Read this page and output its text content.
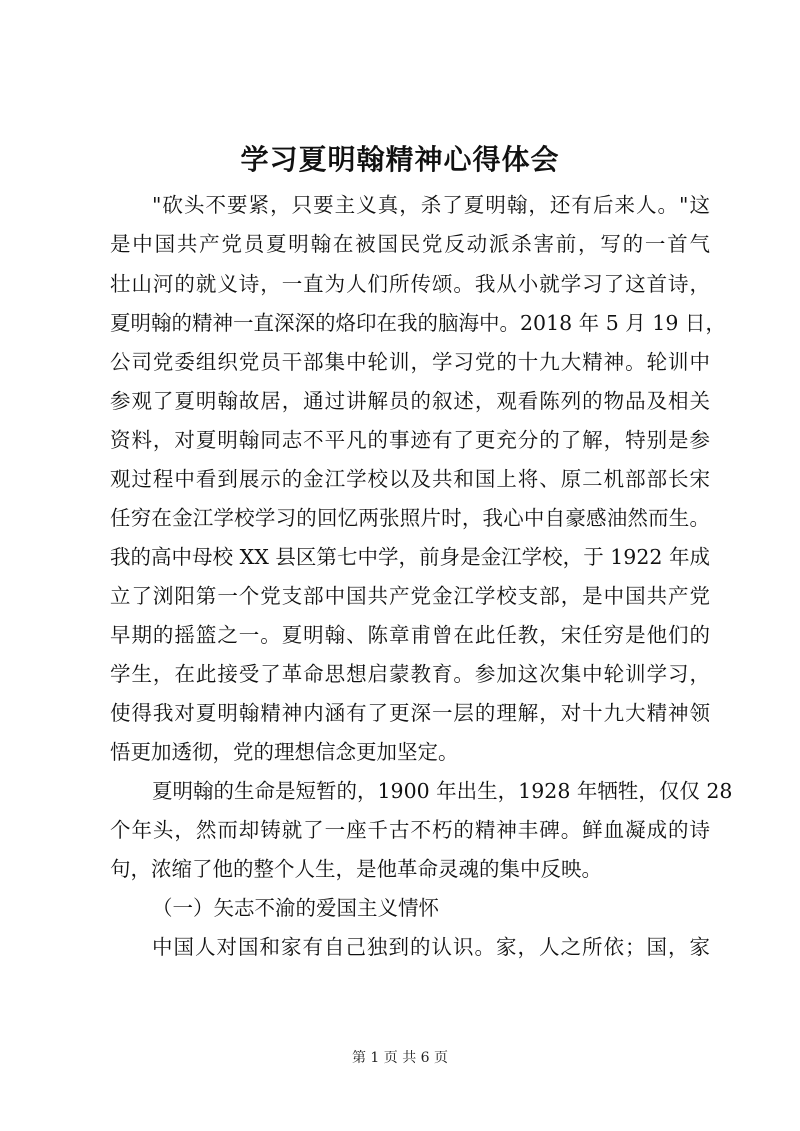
学习夏明翰精神心得体会
"砍头不要紧，只要主义真，杀了夏明翰，还有后来人。"这
是中国共产党员夏明翰在被国民党反动派杀害前，写的一首气
壮山河的就义诗，一直为人们所传颂。我从小就学习了这首诗，
夏明翰的精神一直深深的烙印在我的脑海中。2018 年 5 月 19 日，
公司党委组织党员干部集中轮训，学习党的十九大精神。轮训中
参观了夏明翰故居，通过讲解员的叙述，观看陈列的物品及相关
资料，对夏明翰同志不平凡的事迹有了更充分的了解，特别是参
观过程中看到展示的金江学校以及共和国上将、原二机部部长宋
任穷在金江学校学习的回忆两张照片时，我心中自豪感油然而生。
我的高中母校 XX 县区第七中学，前身是金江学校，于 1922 年成
立了浏阳第一个党支部中国共产党金江学校支部，是中国共产党
早期的摇篮之一。夏明翰、陈章甫曾在此任教，宋任穷是他们的
学生，在此接受了革命思想启蒙教育。参加这次集中轮训学习，
使得我对夏明翰精神内涵有了更深一层的理解，对十九大精神领
悟更加透彻，党的理想信念更加坚定。
夏明翰的生命是短暂的，1900 年出生，1928 年牺牲，仅仅 28
个年头，然而却铸就了一座千古不朽的精神丰碑。鲜血凝成的诗
句，浓缩了他的整个人生，是他革命灵魂的集中反映。
（一）矢志不渝的爱国主义情怀
中国人对国和家有自己独到的认识。家，人之所依；国，家
第 1 页 共 6 页
